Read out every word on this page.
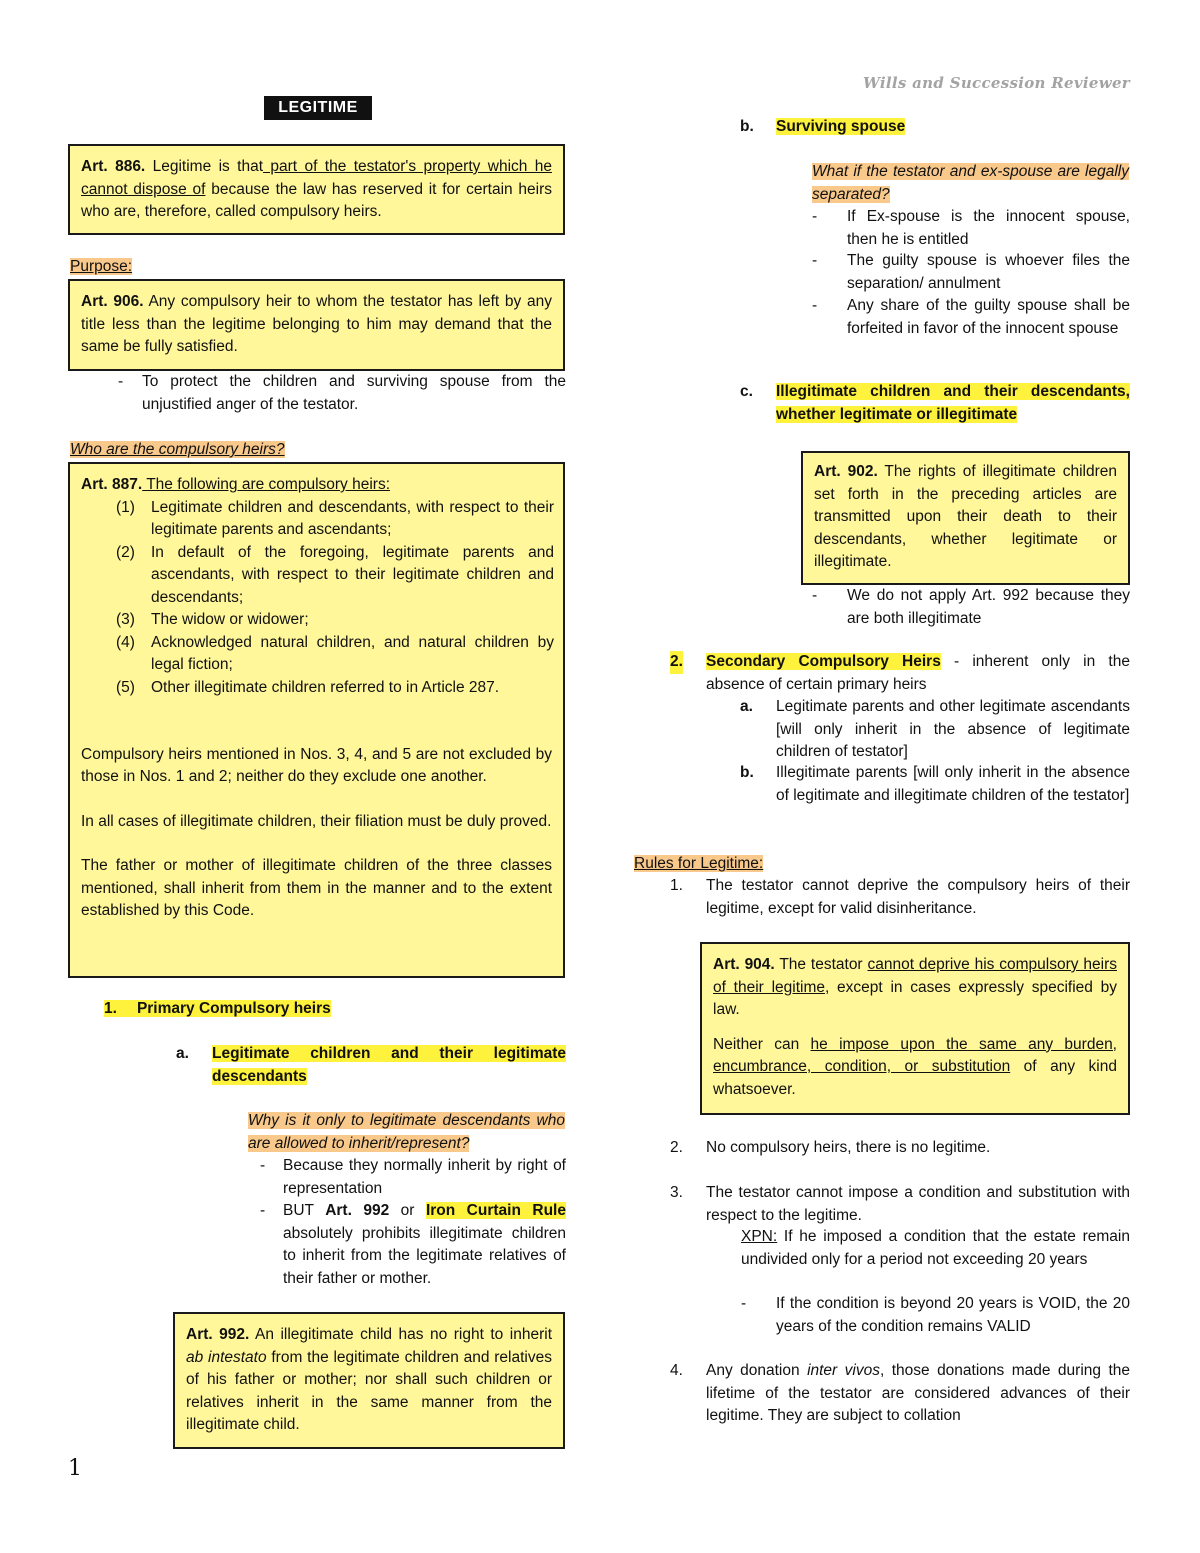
Wills and Succession Reviewer
LEGITIME
1

Art. 886. Legitime is that part of the testator's property which he cannot dispose of because the law has reserved it for certain heirs who are, therefore, called compulsory heirs.

Purpose:

Art. 906. Any compulsory heir to whom the testator has left by any title less than the legitime belonging to him may demand that the same be fully satisfied.

- To protect the children and surviving spouse from the unjustified anger of the testator.
Who are the compulsory heirs?

Art. 887. The following are compulsory heirs:

(1) Legitimate children and descendants, with respect to their legitimate parents and ascendants;
(2) In default of the foregoing, legitimate parents and ascendants, with respect to their legitimate children and descendants;
(3) The widow or widower;
(4) Acknowledged natural children, and natural children by legal fiction;
(5) Other illegitimate children referred to in Article 287.

Compulsory heirs mentioned in Nos. 3, 4, and 5 are not excluded by those in Nos. 1 and 2; neither do they exclude one another.

In all cases of illegitimate children, their filiation must be duly proved.

The father or mother of illegitimate children of the three classes mentioned, shall inherit from them in the manner and to the extent established by this Code.

1. Primary Compulsory heirs
a. Legitimate children and their legitimate descendants

Why is it only to legitimate descendants who are allowed to inherit/represent?

- Because they normally inherit by right of representation
- BUT Art. 992 or Iron Curtain Rule absolutely prohibits illegitimate children to inherit from the legitimate relatives of their father or mother.

Art. 992. An illegitimate child has no right to inherit ab intestato from the legitimate children and relatives of his father or mother; nor shall such children or relatives inherit in the same manner from the illegitimate child.

b. Surviving spouse

What if the testator and ex-spouse are legally separated?

- If Ex-spouse is the innocent spouse, then he is entitled
- The guilty spouse is whoever files the separation/ annulment
- Any share of the guilty spouse shall be forfeited in favor of the innocent spouse
c. Illegitimate children and their descendants, whether legitimate or illegitimate

Art. 902. The rights of illegitimate children set forth in the preceding articles are transmitted upon their death to their descendants, whether legitimate or illegitimate.

- We do not apply Art. 992 because they are both illegitimate
2. Secondary Compulsory Heirs - inherent only in the absence of certain primary heirs
a. Legitimate parents and other legitimate ascendants [will only inherit in the absence of legitimate children of testator]
b. Illegitimate parents [will only inherit in the absence of legitimate and illegitimate children of the testator]
Rules for Legitime:
1. The testator cannot deprive the compulsory heirs of their legitime, except for valid disinheritance.

Art. 904. The testator cannot deprive his compulsory heirs of their legitime, except in cases expressly specified by law.

Neither can he impose upon the same any burden, encumbrance, condition, or substitution of any kind whatsoever.

2. No compulsory heirs, there is no legitime.
3. The testator cannot impose a condition and substitution with respect to the legitime.

XPN: If he imposed a condition that the estate remain undivided only for a period not exceeding 20 years

- If the condition is beyond 20 years is VOID, the 20 years of the condition remains VALID
4. Any donation inter vivos, those donations made during the lifetime of the testator are considered advances of their legitime. They are subject to collation
